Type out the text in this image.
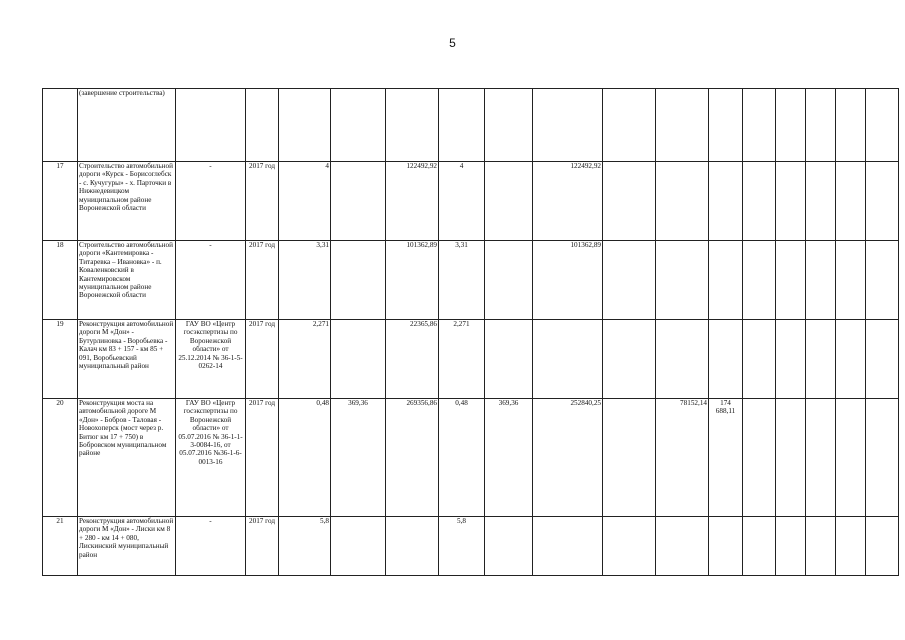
5
	(завершение строительства)																
17	Строительство автомобильной дороги «Курск - Борисоглебск - с. Кучугуры» - х. Парточки в Нижнедевицком муниципальном районе Воронежской области	-	2017 год	4		122492,92	4		122492,92								
18	Строительство автомобильной дороги «Кантемировка - Титаревка – Ивановка» - п. Коваленковский в Кантемировском муниципальном районе Воронежской области	-	2017 год	3,31		101362,89	3,31		101362,89								
19	Реконструкция автомобильной дороги М «Дон» - Бутурлиновка - Воробьевка - Калач км 83 + 157 - км 85 + 091, Воробьевский муниципальный район	ГАУ ВО «Центр госэкспертизы по Воронежской области» от 25.12.2014 № 36-1-5-0262-14	2017 год	2,271		22365,86	2,271										
20	Реконструкция моста на автомобильной дороге М «Дон» - Бобров - Таловая - Новохоперск (мост через р. Битюг км 17 + 750) в Бобровском муниципальном районе	ГАУ ВО «Центр госэкспертизы по Воронежской области» от 05.07.2016 № 36-1-1-3-0084-16, от 05.07.2016 №36-1-6-0013-16	2017 год	0,48	369,36	269356,86	0,48	369,36	252840,25		78152,14	174 688,11					
21	Реконструкция автомобильной дороги М «Дон» - Лиски км 8 + 280 - км 14 + 080, Лискинский муниципальный район	-	2017 год	5,8			5,8										
